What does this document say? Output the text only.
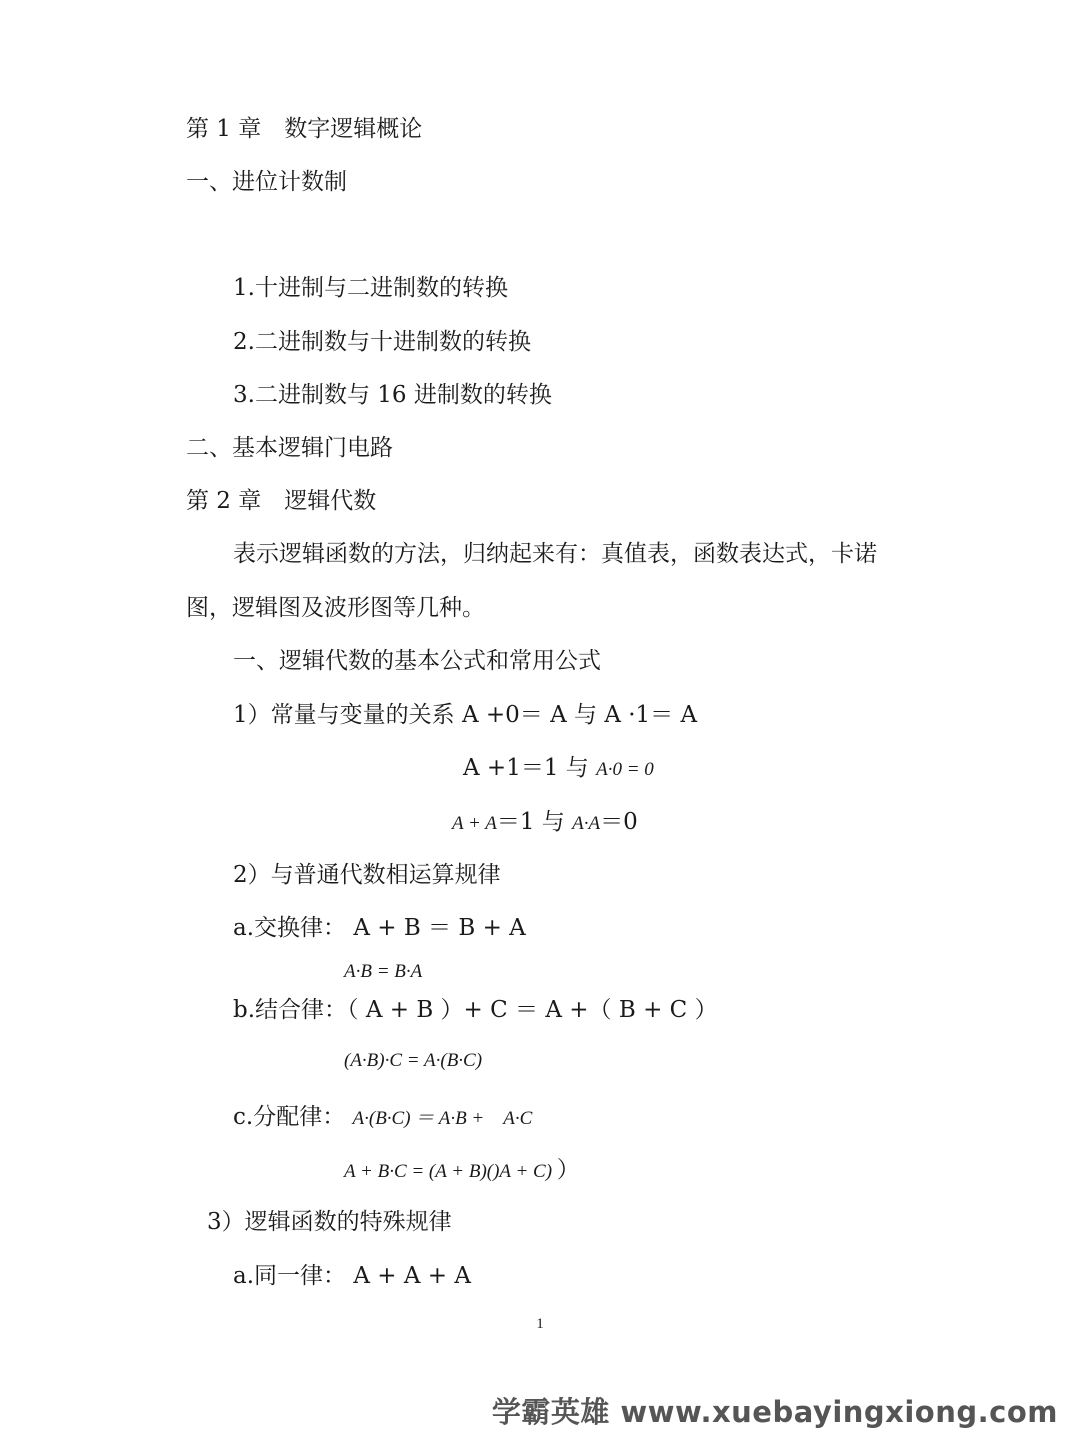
第 1 章　数字逻辑概论
一、进位计数制
1.十进制与二进制数的转换
2.二进制数与十进制数的转换
3.二进制数与 16 进制数的转换
二、基本逻辑门电路
第 2 章　逻辑代数
表示逻辑函数的方法，归纳起来有：真值表，函数表达式，卡诺
图，逻辑图及波形图等几种。
一、逻辑代数的基本公式和常用公式
1）常量与变量的关系 A +0＝ A 与 A ·1＝ A
A +1＝1 与 A·0 = 0
A + A＝1 与 A·A＝0
2）与普通代数相运算规律
a.交换律： A + B ＝ B + A
A·B = B·A
b.结合律：（ A + B ）+ C ＝ A +（ B + C ）
(A·B)·C = A·(B·C)
c.分配律： A·(B·C) ＝ A·B +　A·C
A + B·C = (A + B)()A + C) ）
3）逻辑函数的特殊规律
a.同一律： A + A + A
1
学霸英雄 www.xuebayingxiong.com
